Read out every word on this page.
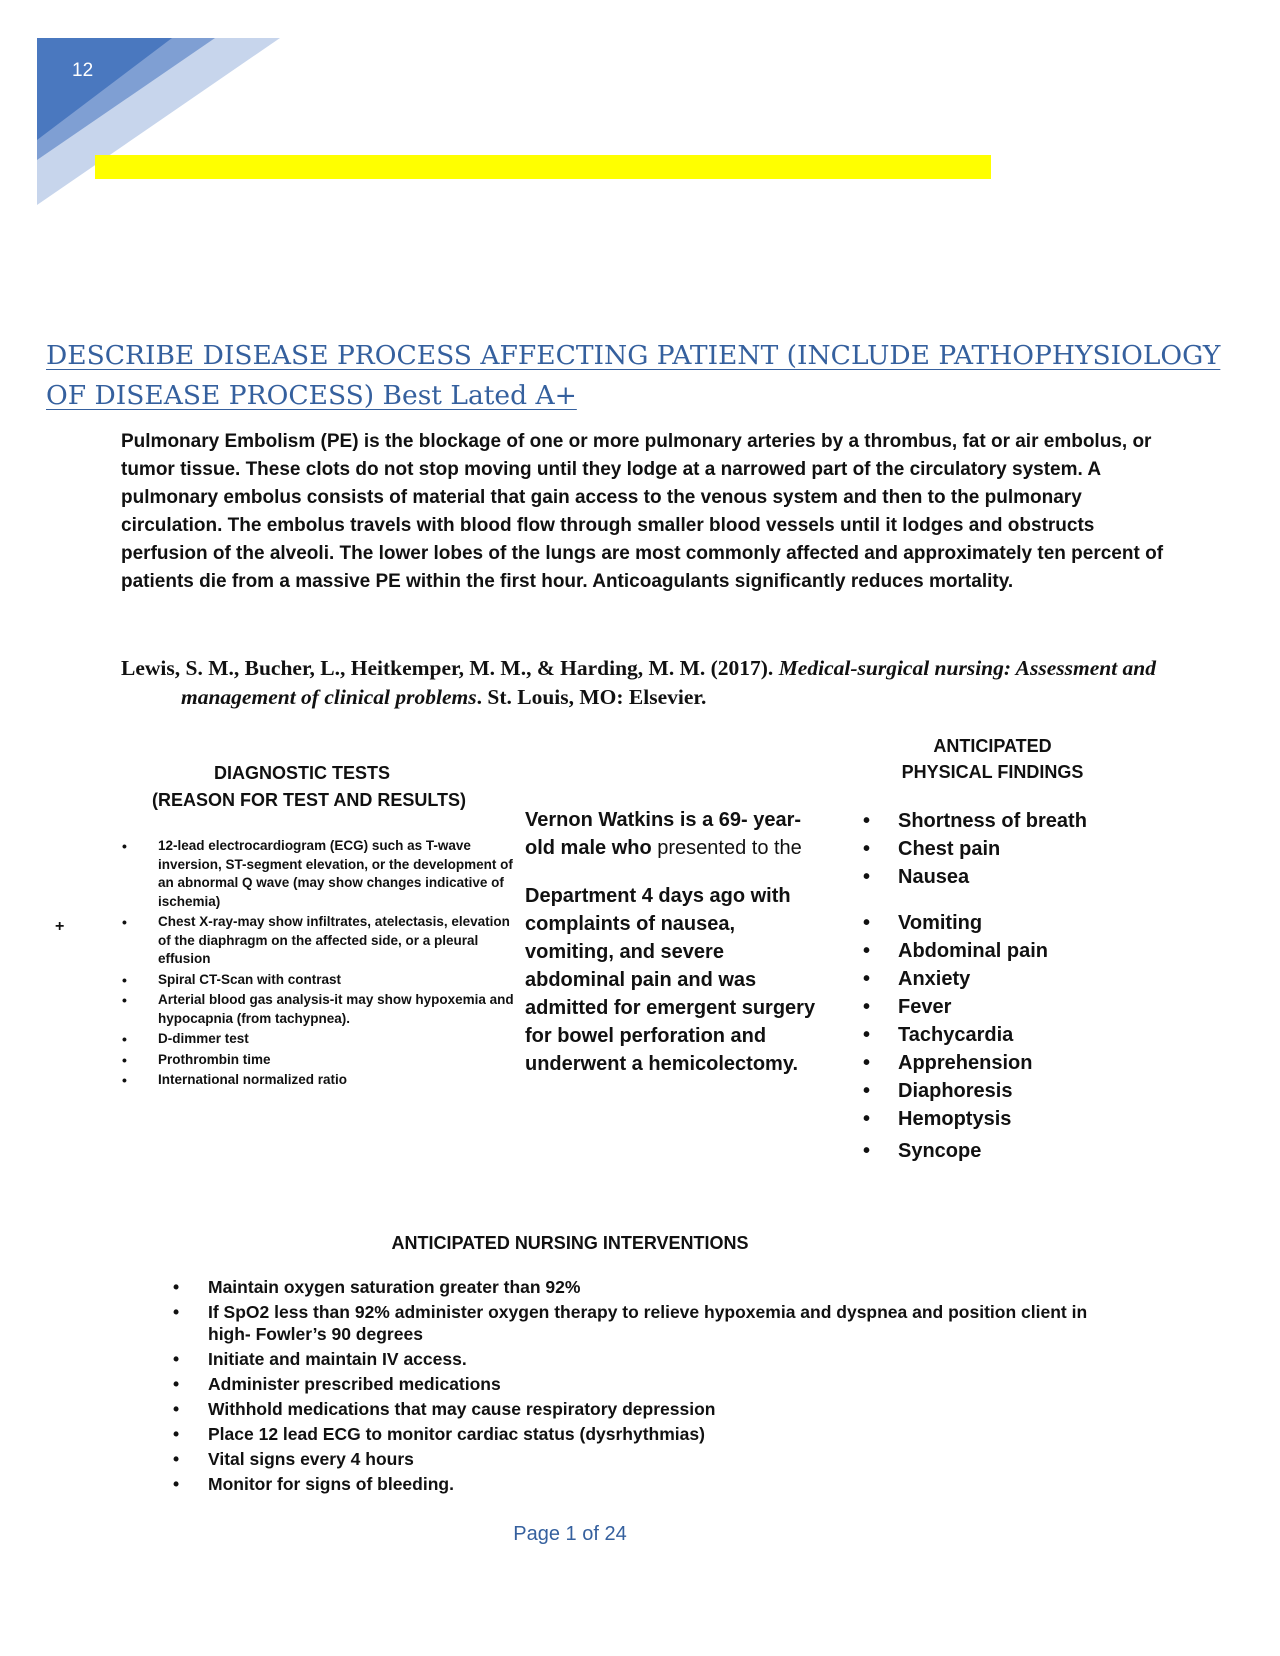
12
DESCRIBE DISEASE PROCESS AFFECTING PATIENT (INCLUDE PATHOPHYSIOLOGY OF DISEASE PROCESS) Best Lated A+

Pulmonary Embolism (PE) is the blockage of one or more pulmonary arteries by a thrombus, fat or air embolus, or tumor tissue. These clots do not stop moving until they lodge at a narrowed part of the circulatory system. A pulmonary embolus consists of material that gain access to the venous system and then to the pulmonary circulation. The embolus travels with blood flow through smaller blood vessels until it lodges and obstructs perfusion of the alveoli. The lower lobes of the lungs are most commonly affected and approximately ten percent of patients die from a massive PE within the first hour. Anticoagulants significantly reduces mortality.

Lewis, S. M., Bucher, L., Heitkemper, M. M., & Harding, M. M. (2017). Medical-surgical nursing: Assessment and management of clinical problems. St. Louis, MO: Elsevier.

+
DIAGNOSTIC TESTS
(REASON FOR TEST AND RESULTS)
• 12-lead electrocardiogram (ECG) such as T-wave inversion, ST-segment elevation, or the development of an abnormal Q wave (may show changes indicative of ischemia)
• Chest X-ray-may show infiltrates, atelectasis, elevation of the diaphragm on the affected side, or a pleural effusion
• Spiral CT-Scan with contrast
• Arterial blood gas analysis-it may show hypoxemia and hypocapnia (from tachypnea).
• D-dimmer test
• Prothrombin time
• International normalized ratio
Vernon Watkins is a 69- year-old male who presented to the
Department 4 days ago with complaints of nausea, vomiting, and severe abdominal pain and was admitted for emergent surgery for bowel perforation and underwent a hemicolectomy.
ANTICIPATED PHYSICAL FINDINGS
• Shortness of breath
• Chest pain
• Nausea
• Vomiting
• Abdominal pain
• Anxiety
• Fever
• Tachycardia
• Apprehension
• Diaphoresis
• Hemoptysis
• Syncope
ANTICIPATED NURSING INTERVENTIONS
• Maintain oxygen saturation greater than 92%
• If SpO2 less than 92% administer oxygen therapy to relieve hypoxemia and dyspnea and position client in high- Fowler’s 90 degrees
• Initiate and maintain IV access.
• Administer prescribed medications
• Withhold medications that may cause respiratory depression
• Place 12 lead ECG to monitor cardiac status (dysrhythmias)
• Vital signs every 4 hours
• Monitor for signs of bleeding.
Page 1 of 24
